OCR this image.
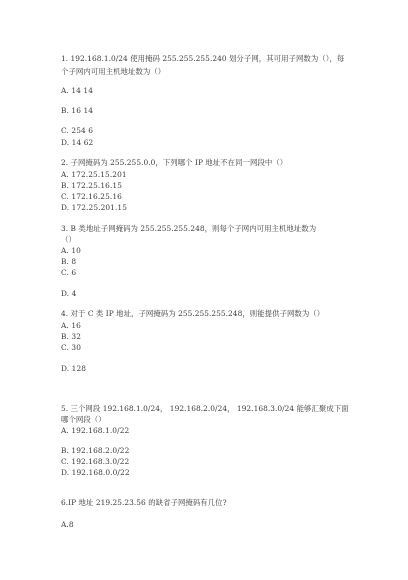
1. 192.168.1.0/24 使用掩码 255.255.255.240 划分子网，其可用子网数为（），每
个子网内可用主机地址数为（）
A. 14 14
B. 16 14
C. 254 6
D. 14 62
2. 子网掩码为 255.255.0.0，下列哪个 IP 地址不在同一网段中（）
A. 172.25.15.201
B. 172.25.16.15
C. 172.16.25.16
D. 172.25.201.15
3. B 类地址子网掩码为 255.255.255.248，则每个子网内可用主机地址数为
（）
A. 10
B. 8
C. 6
D. 4
4. 对于 C 类 IP 地址，子网掩码为 255.255.255.248，则能提供子网数为（）
A. 16
B. 32
C. 30
D. 128
5. 三个网段 192.168.1.0/24， 192.168.2.0/24， 192.168.3.0/24 能够汇聚成下面
哪个网段（）
A. 192.168.1.0/22
B. 192.168.2.0/22
C. 192.168.3.0/22
D. 192.168.0.0/22
6.IP 地址 219.25.23.56 的缺省子网掩码有几位?
A.8
